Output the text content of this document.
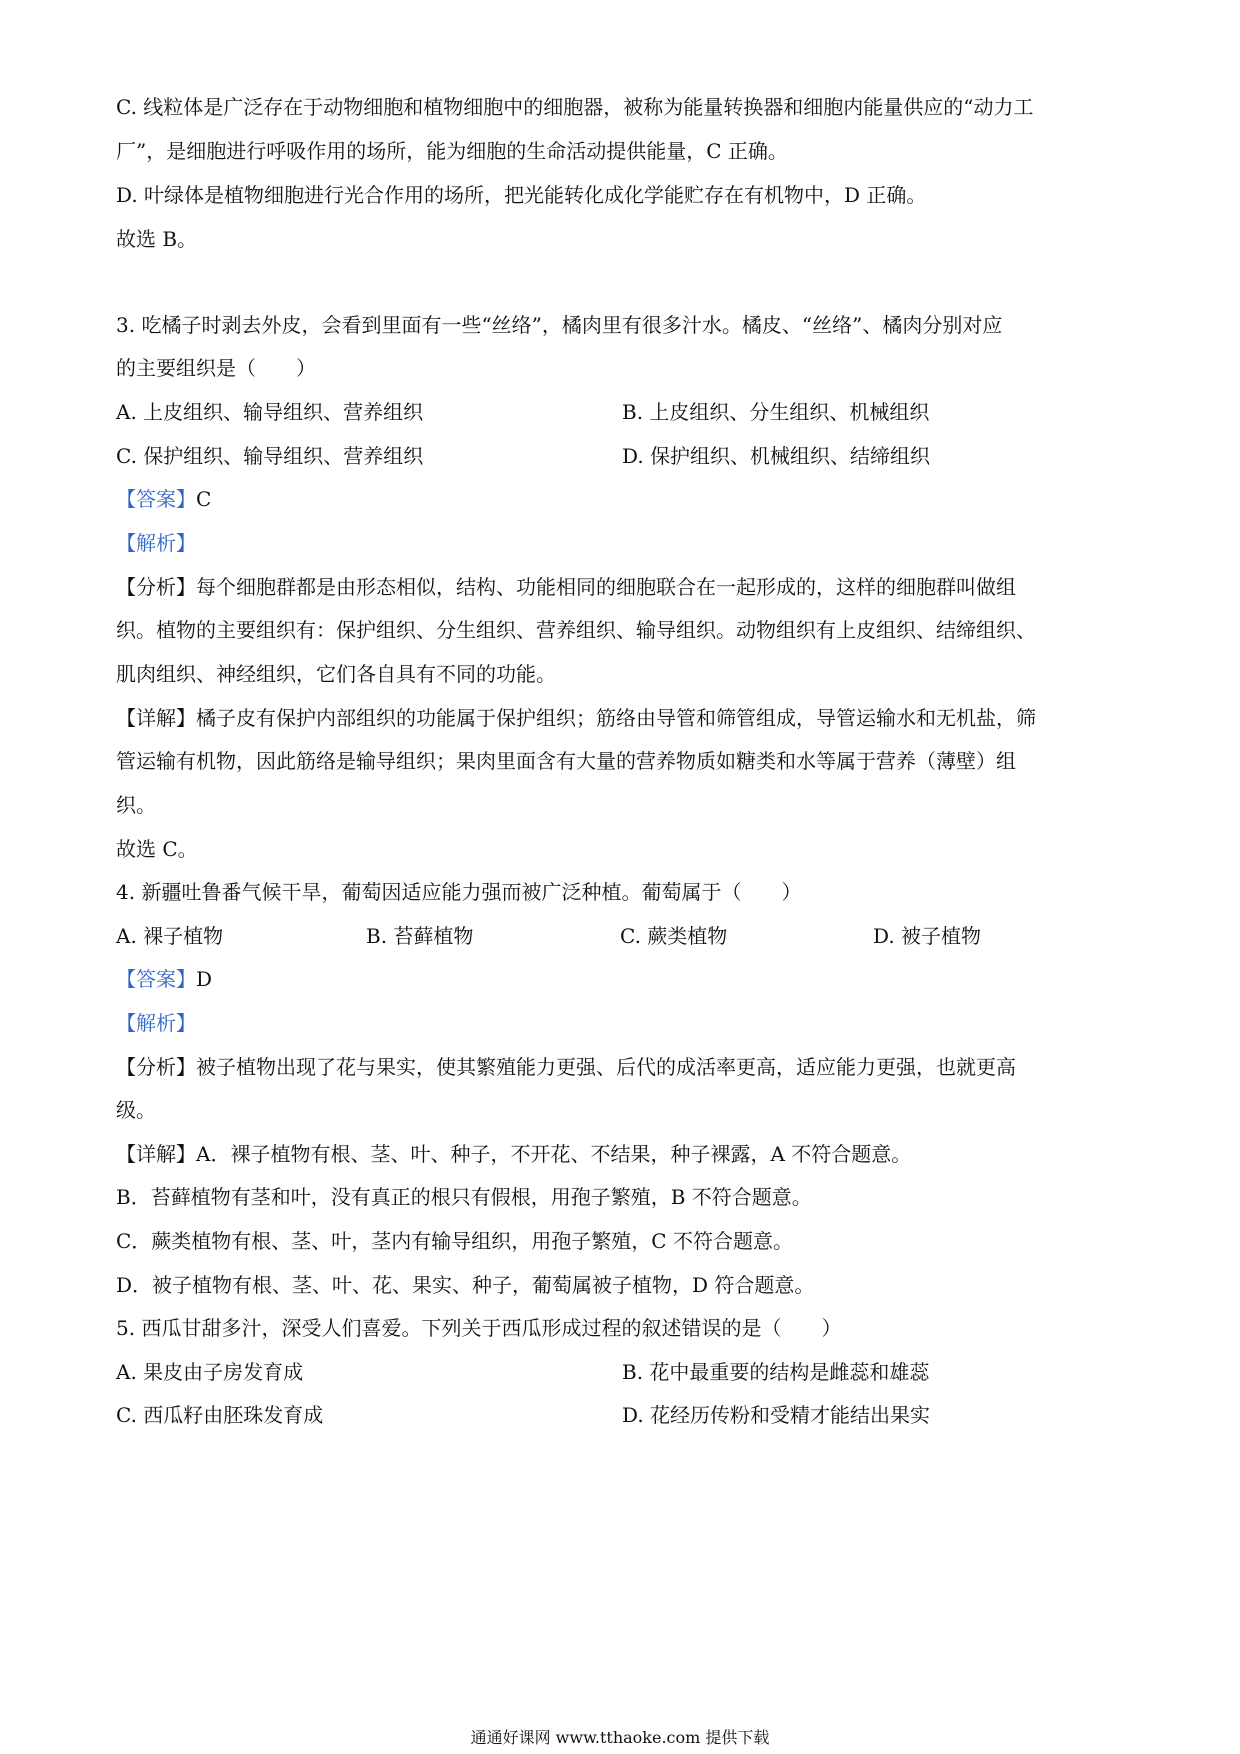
C. 线粒体是广泛存在于动物细胞和植物细胞中的细胞器，被称为能量转换器和细胞内能量供应的“动力工
厂”，是细胞进行呼吸作用的场所，能为细胞的生命活动提供能量，C 正确。
D. 叶绿体是植物细胞进行光合作用的场所，把光能转化成化学能贮存在有机物中，D 正确。
故选 B。
3. 吃橘子时剥去外皮，会看到里面有一些“丝络”，橘肉里有很多汁水。橘皮、“丝络”、橘肉分别对应
的主要组织是（　　）
A. 上皮组织、输导组织、营养组织	B. 上皮组织、分生组织、机械组织
C. 保护组织、输导组织、营养组织	D. 保护组织、机械组织、结缔组织
【答案】C
【解析】
【分析】每个细胞群都是由形态相似，结构、功能相同的细胞联合在一起形成的，这样的细胞群叫做组
织。植物的主要组织有：保护组织、分生组织、营养组织、输导组织。动物组织有上皮组织、结缔组织、
肌肉组织、神经组织，它们各自具有不同的功能。
【详解】橘子皮有保护内部组织的功能属于保护组织；筋络由导管和筛管组成，导管运输水和无机盐，筛
管运输有机物，因此筋络是输导组织；果肉里面含有大量的营养物质如糖类和水等属于营养（薄壁）组
织。
故选 C。
4. 新疆吐鲁番气候干旱，葡萄因适应能力强而被广泛种植。葡萄属于（　　）
A. 裸子植物	B. 苔藓植物	C. 蕨类植物	D. 被子植物
【答案】D
【解析】
【分析】被子植物出现了花与果实，使其繁殖能力更强、后代的成活率更高，适应能力更强，也就更高
级。
【详解】A．裸子植物有根、茎、叶、种子，不开花、不结果，种子裸露，A 不符合题意。
B．苔藓植物有茎和叶，没有真正的根只有假根，用孢子繁殖，B 不符合题意。
C．蕨类植物有根、茎、叶，茎内有输导组织，用孢子繁殖，C 不符合题意。
D．被子植物有根、茎、叶、花、果实、种子，葡萄属被子植物，D 符合题意。
5. 西瓜甘甜多汁，深受人们喜爱。下列关于西瓜形成过程的叙述错误的是（　　）
A. 果皮由子房发育成	B. 花中最重要的结构是雌蕊和雄蕊
C. 西瓜籽由胚珠发育成	D. 花经历传粉和受精才能结出果实
通通好课网 www.tthaoke.com 提供下载
